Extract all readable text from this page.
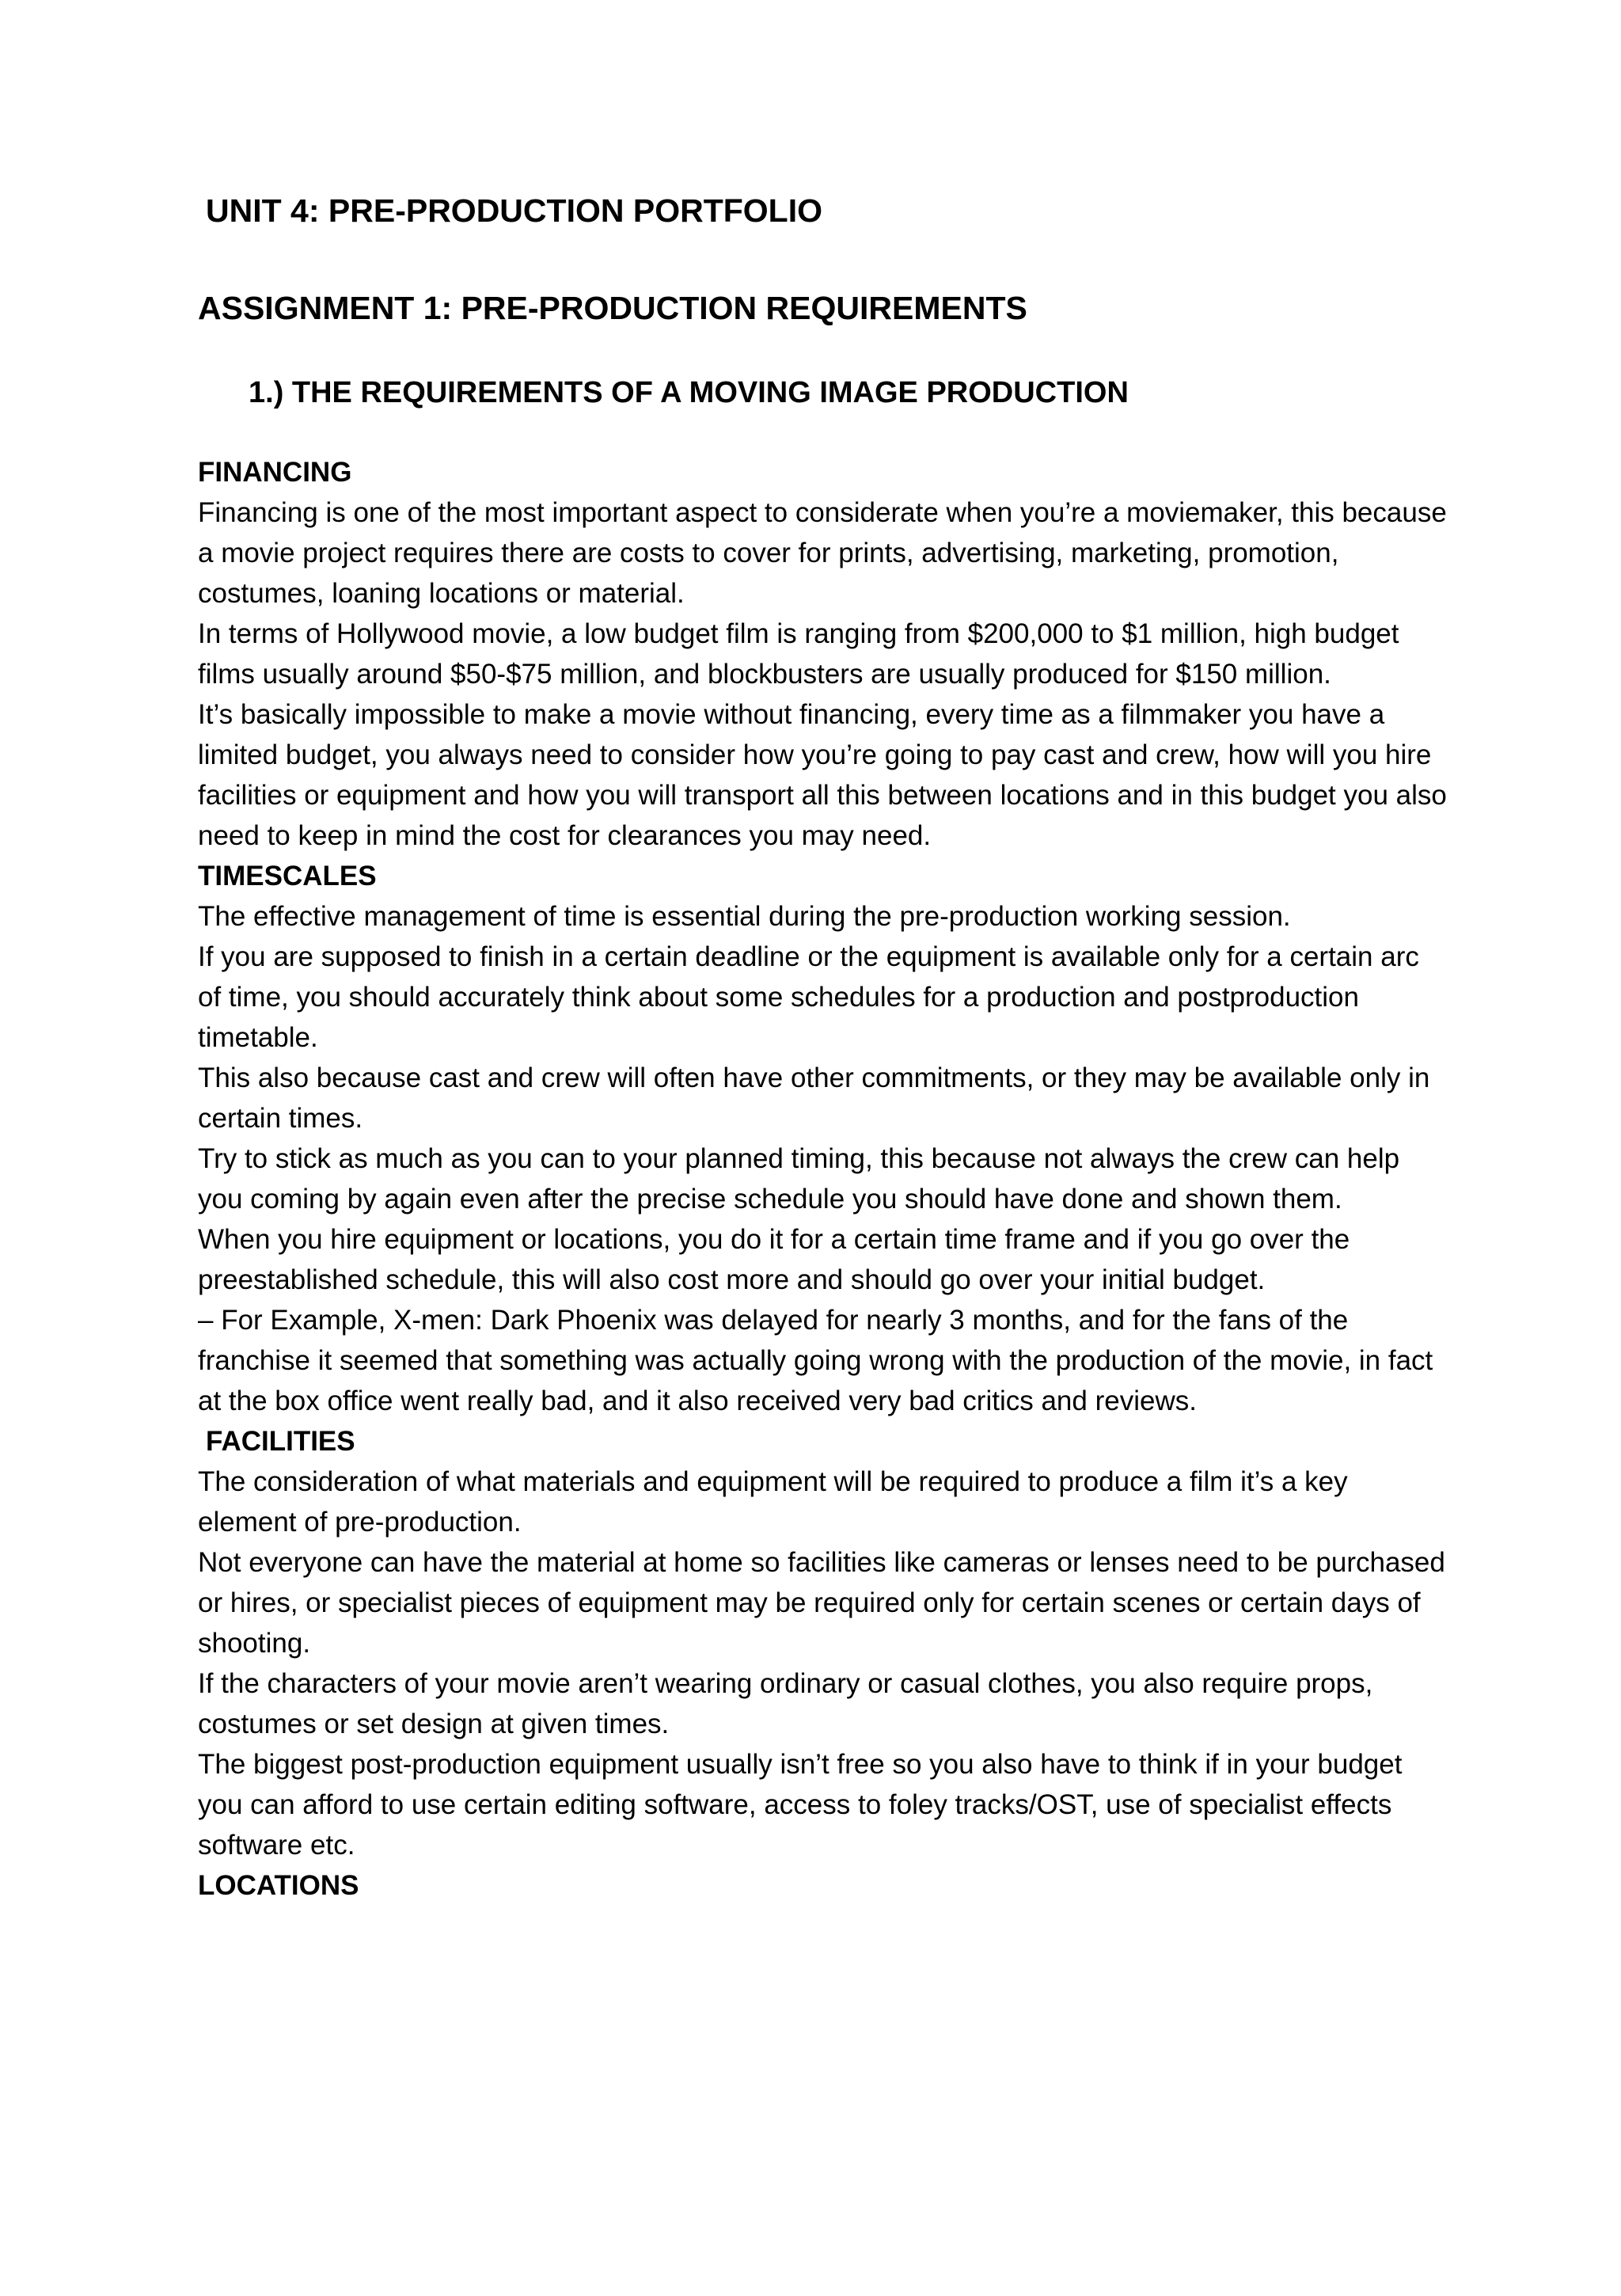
UNIT 4: PRE-PRODUCTION PORTFOLIO
ASSIGNMENT 1: PRE-PRODUCTION REQUIREMENTS
1.) THE REQUIREMENTS OF A MOVING IMAGE PRODUCTION
FINANCING

Financing is one of the most important aspect to considerate when you’re a moviemaker, this because a movie project requires there are costs to cover for prints, advertising, marketing, promotion, costumes, loaning locations or material.

In terms of Hollywood movie, a low budget film is ranging from $200,000 to $1 million, high budget films usually around $50-$75 million, and blockbusters are usually produced for $150 million.

It’s basically impossible to make a movie without financing, every time as a filmmaker you have a limited budget, you always need to consider how you’re going to pay cast and crew, how will you hire facilities or equipment and how you will transport all this between locations and in this budget you also need to keep in mind the cost for clearances you may need.

TIMESCALES

The effective management of time is essential during the pre-production working session.

If you are supposed to finish in a certain deadline or the equipment is available only for a certain arc of time, you should accurately think about some schedules for a production and postproduction timetable.

This also because cast and crew will often have other commitments, or they may be available only in certain times.

Try to stick as much as you can to your planned timing, this because not always the crew can help you coming by again even after the precise schedule you should have done and shown them.

When you hire equipment or locations, you do it for a certain time frame and if you go over the preestablished schedule, this will also cost more and should go over your initial budget.

– For Example, X-men: Dark Phoenix was delayed for nearly 3 months, and for the fans of the franchise it seemed that something was actually going wrong with the production of the movie, in fact at the box office went really bad, and it also received very bad critics and reviews.

FACILITIES

The consideration of what materials and equipment will be required to produce a film it’s a key element of pre-production.

Not everyone can have the material at home so facilities like cameras or lenses need to be purchased or hires, or specialist pieces of equipment may be required only for certain scenes or certain days of shooting.

If the characters of your movie aren’t wearing ordinary or casual clothes, you also require props, costumes or set design at given times.

The biggest post-production equipment usually isn’t free so you also have to think if in your budget you can afford to use certain editing software, access to foley tracks/OST, use of specialist effects software etc.

LOCATIONS
